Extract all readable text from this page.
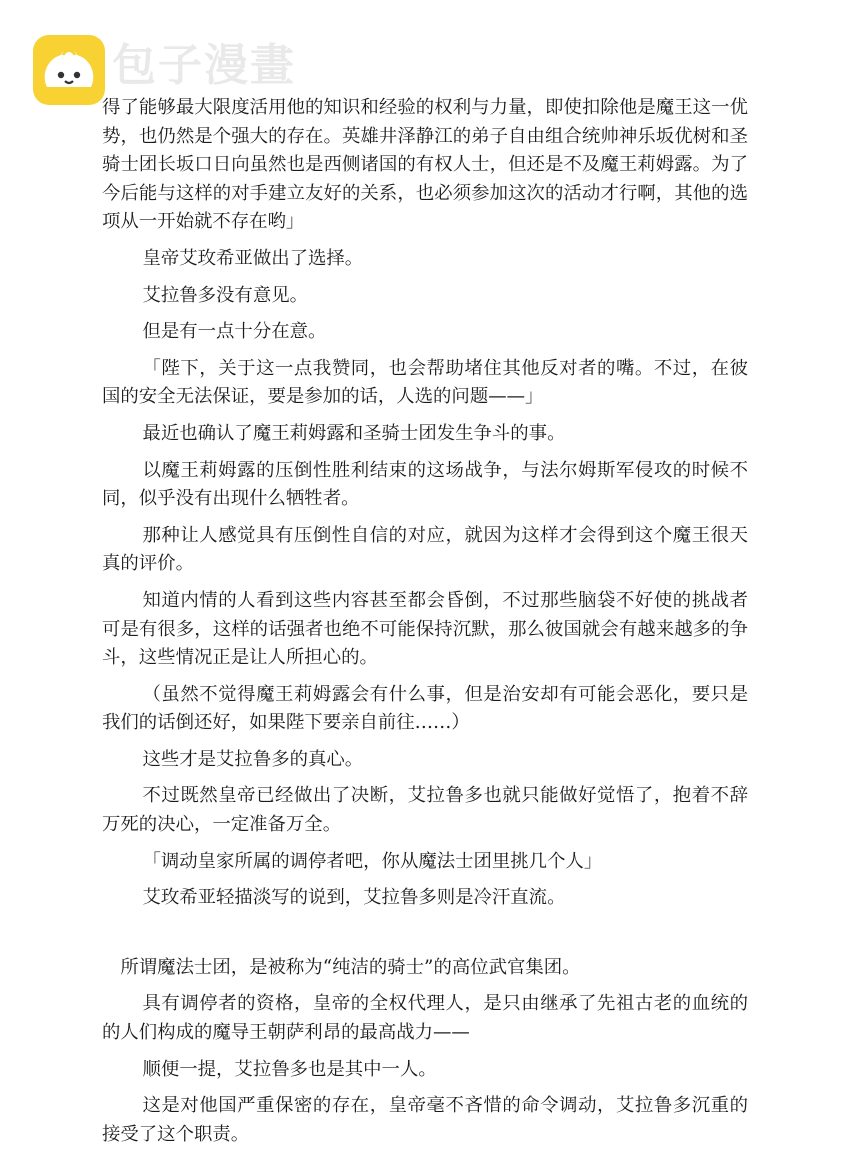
包子漫畫

得了能够最大限度活用他的知识和经验的权利与力量，即使扣除他是魔王这一优势，也仍然是个强大的存在。英雄井泽静江的弟子自由组合统帅神乐坂优树和圣骑士团长坂口日向虽然也是西侧诸国的有权人士，但还是不及魔王莉姆露。为了今后能与这样的对手建立友好的关系，也必须参加这次的活动才行啊，其他的选项从一开始就不存在哟」

皇帝艾玫希亚做出了选择。

艾拉鲁多没有意见。

但是有一点十分在意。

「陛下，关于这一点我赞同，也会帮助堵住其他反对者的嘴。不过，在彼国的安全无法保证，要是参加的话，人选的问题——」

最近也确认了魔王莉姆露和圣骑士团发生争斗的事。

以魔王莉姆露的压倒性胜利结束的这场战争，与法尔姆斯军侵攻的时候不同，似乎没有出现什么牺牲者。

那种让人感觉具有压倒性自信的对应，就因为这样才会得到这个魔王很天真的评价。

知道内情的人看到这些内容甚至都会昏倒，不过那些脑袋不好使的挑战者可是有很多，这样的话强者也绝不可能保持沉默，那么彼国就会有越来越多的争斗，这些情况正是让人所担心的。

（虽然不觉得魔王莉姆露会有什么事，但是治安却有可能会恶化，要只是我们的话倒还好，如果陛下要亲自前往……）

这些才是艾拉鲁多的真心。

不过既然皇帝已经做出了决断，艾拉鲁多也就只能做好觉悟了，抱着不辞万死的决心，一定准备万全。

「调动皇家所属的调停者吧，你从魔法士团里挑几个人」

艾玫希亚轻描淡写的说到，艾拉鲁多则是冷汗直流。

所谓魔法士团，是被称为“纯洁的骑士”的高位武官集团。

具有调停者的资格，皇帝的全权代理人，是只由继承了先祖古老的血统的的人们构成的魔导王朝萨利昂的最高战力——

顺便一提，艾拉鲁多也是其中一人。

这是对他国严重保密的存在，皇帝毫不吝惜的命令调动，艾拉鲁多沉重的接受了这个职责。
